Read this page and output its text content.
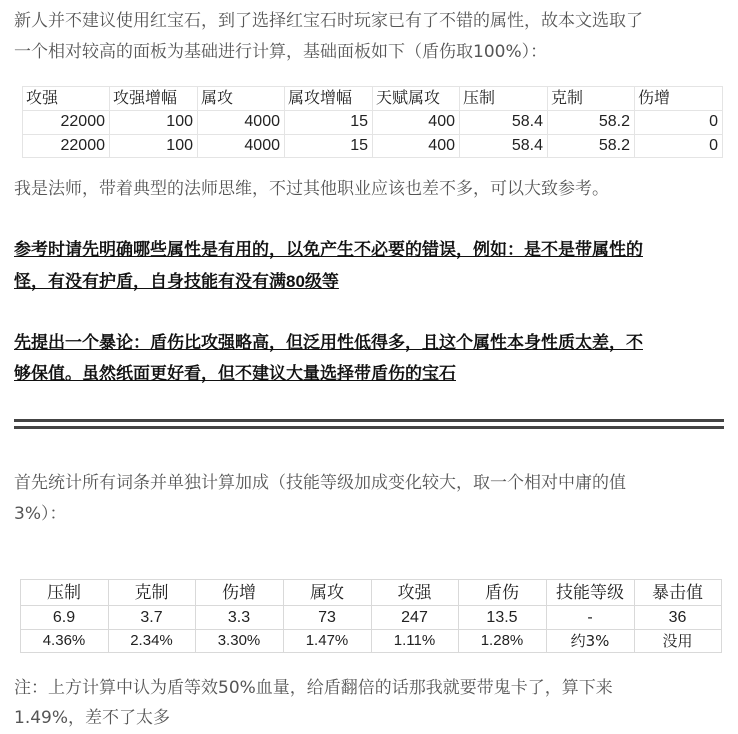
新人并不建议使用红宝石，到了选择红宝石时玩家已有了不错的属性，故本文选取了

一个相对较高的面板为基础进行计算，基础面板如下（盾伤取100%）：

攻强	攻强增幅	属攻	属攻增幅	天赋属攻	压制	克制	伤增
22000	100	4000	15	400	58.4	58.2	0
22000	100	4000	15	400	58.4	58.2	0

我是法师，带着典型的法师思维，不过其他职业应该也差不多，可以大致参考。

参考时请先明确哪些属性是有用的，以免产生不必要的错误，例如：是不是带属性的

怪，有没有护盾，自身技能有没有满80级等

先提出一个暴论：盾伤比攻强略高，但泛用性低得多，且这个属性本身性质太差，不

够保值。虽然纸面更好看，但不建议大量选择带盾伤的宝石

首先统计所有词条并单独计算加成（技能等级加成变化较大，取一个相对中庸的值

3%）：

压制	克制	伤增	属攻	攻强	盾伤	技能等级	暴击值
6.9	3.7	3.3	73	247	13.5	-	36
4.36%	2.34%	3.30%	1.47%	1.11%	1.28%	约3%	没用

注：上方计算中认为盾等效50%血量，给盾翻倍的话那我就要带鬼卡了，算下来

1.49%，差不了太多
